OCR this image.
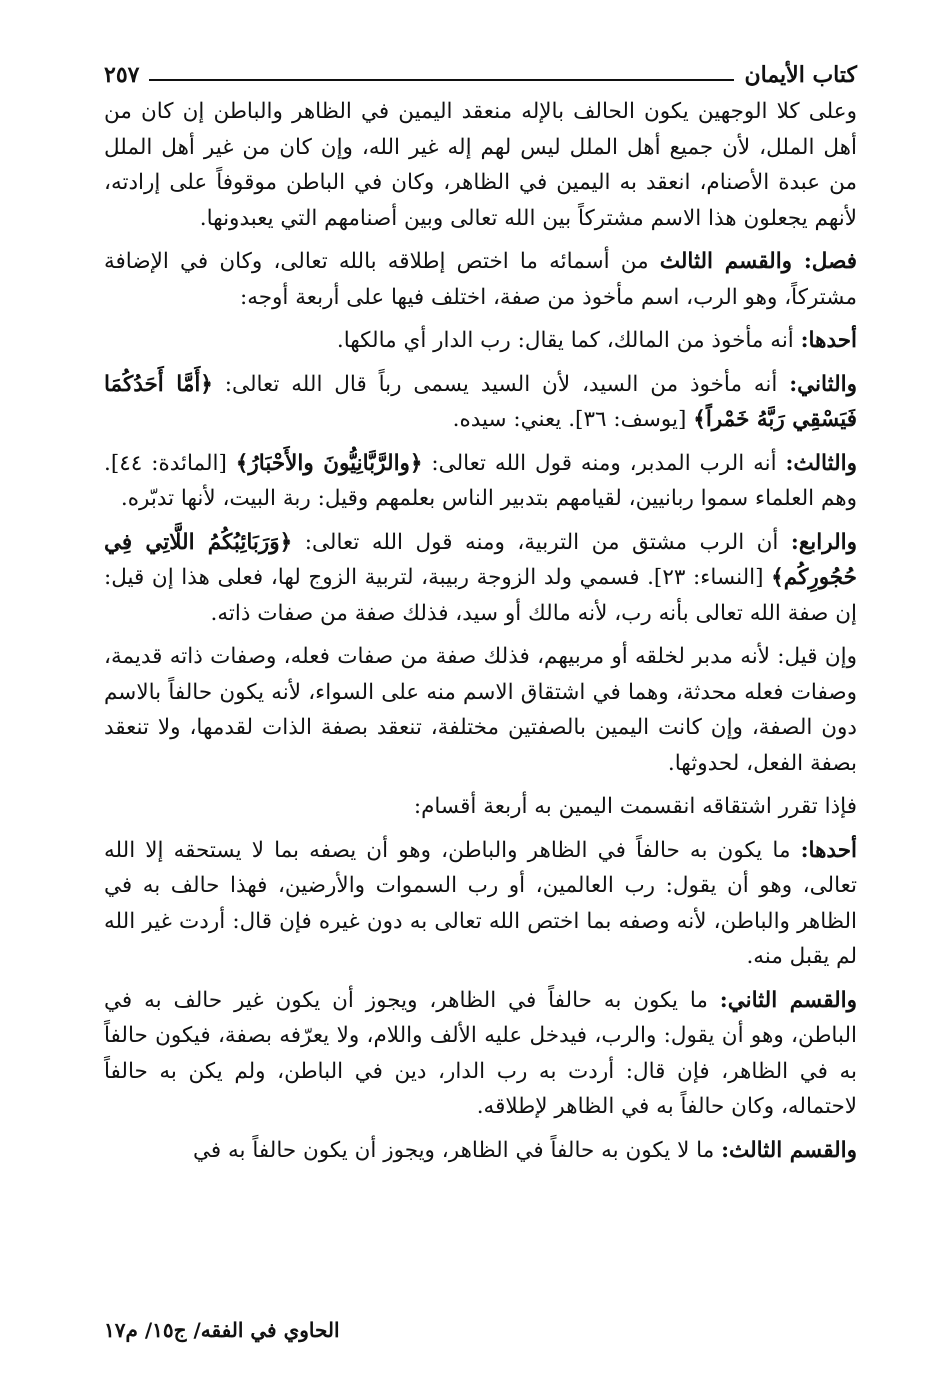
كتاب الأيمان
٢٥٧

وعلى كلا الوجهين يكون الحالف بالإله منعقد اليمين في الظاهر والباطن إن كان من أهل الملل، لأن جميع أهل الملل ليس لهم إله غير الله، وإن كان من غير أهل الملل من عبدة الأصنام، انعقد به اليمين في الظاهر، وكان في الباطن موقوفاً على إرادته، لأنهم يجعلون هذا الاسم مشتركاً بين الله تعالى وبين أصنامهم التي يعبدونها.

فصل: والقسم الثالث من أسمائه ما اختص إطلاقه بالله تعالى، وكان في الإضافة مشتركاً، وهو الرب، اسم مأخوذ من صفة، اختلف فيها على أربعة أوجه:

أحدها: أنه مأخوذ من المالك، كما يقال: رب الدار أي مالكها.

والثاني: أنه مأخوذ من السيد، لأن السيد يسمى رباً قال الله تعالى: ﴿أَمَّا أَحَدُكُمَا فَيَسْقِي رَبَّهُ خَمْراً﴾ [يوسف: ٣٦]. يعني: سيده.

والثالث: أنه الرب المدبر، ومنه قول الله تعالى: ﴿والرَّبَّانِيُّونَ والأَحْبَارُ﴾ [المائدة: ٤٤]. وهم العلماء سموا ربانيين، لقيامهم بتدبير الناس بعلمهم وقيل: ربة البيت، لأنها تدبّره.

والرابع: أن الرب مشتق من التربية، ومنه قول الله تعالى: ﴿وَرَبَائِبُكُمُ اللَّاتِي فِي حُجُورِكُم﴾ [النساء: ٢٣]. فسمي ولد الزوجة ربيبة، لتربية الزوج لها، فعلى هذا إن قيل: إن صفة الله تعالى بأنه رب، لأنه مالك أو سيد، فذلك صفة من صفات ذاته.

وإن قيل: لأنه مدبر لخلقه أو مربيهم، فذلك صفة من صفات فعله، وصفات ذاته قديمة، وصفات فعله محدثة، وهما في اشتقاق الاسم منه على السواء، لأنه يكون حالفاً بالاسم دون الصفة، وإن كانت اليمين بالصفتين مختلفة، تنعقد بصفة الذات لقدمها، ولا تنعقد بصفة الفعل، لحدوثها.

فإذا تقرر اشتقاقه انقسمت اليمين به أربعة أقسام:

أحدها: ما يكون به حالفاً في الظاهر والباطن، وهو أن يصفه بما لا يستحقه إلا الله تعالى، وهو أن يقول: رب العالمين، أو رب السموات والأرضين، فهذا حالف به في الظاهر والباطن، لأنه وصفه بما اختص الله تعالى به دون غيره فإن قال: أردت غير الله لم يقبل منه.

والقسم الثاني: ما يكون به حالفاً في الظاهر، ويجوز أن يكون غير حالف به في الباطن، وهو أن يقول: والرب، فيدخل عليه الألف واللام، ولا يعرّفه بصفة، فيكون حالفاً به في الظاهر، فإن قال: أردت به رب الدار، دين في الباطن، ولم يكن به حالفاً لاحتماله، وكان حالفاً به في الظاهر لإطلاقه.

والقسم الثالث: ما لا يكون به حالفاً في الظاهر، ويجوز أن يكون حالفاً به في

الحاوي في الفقه/ ج١٥/ م١٧
